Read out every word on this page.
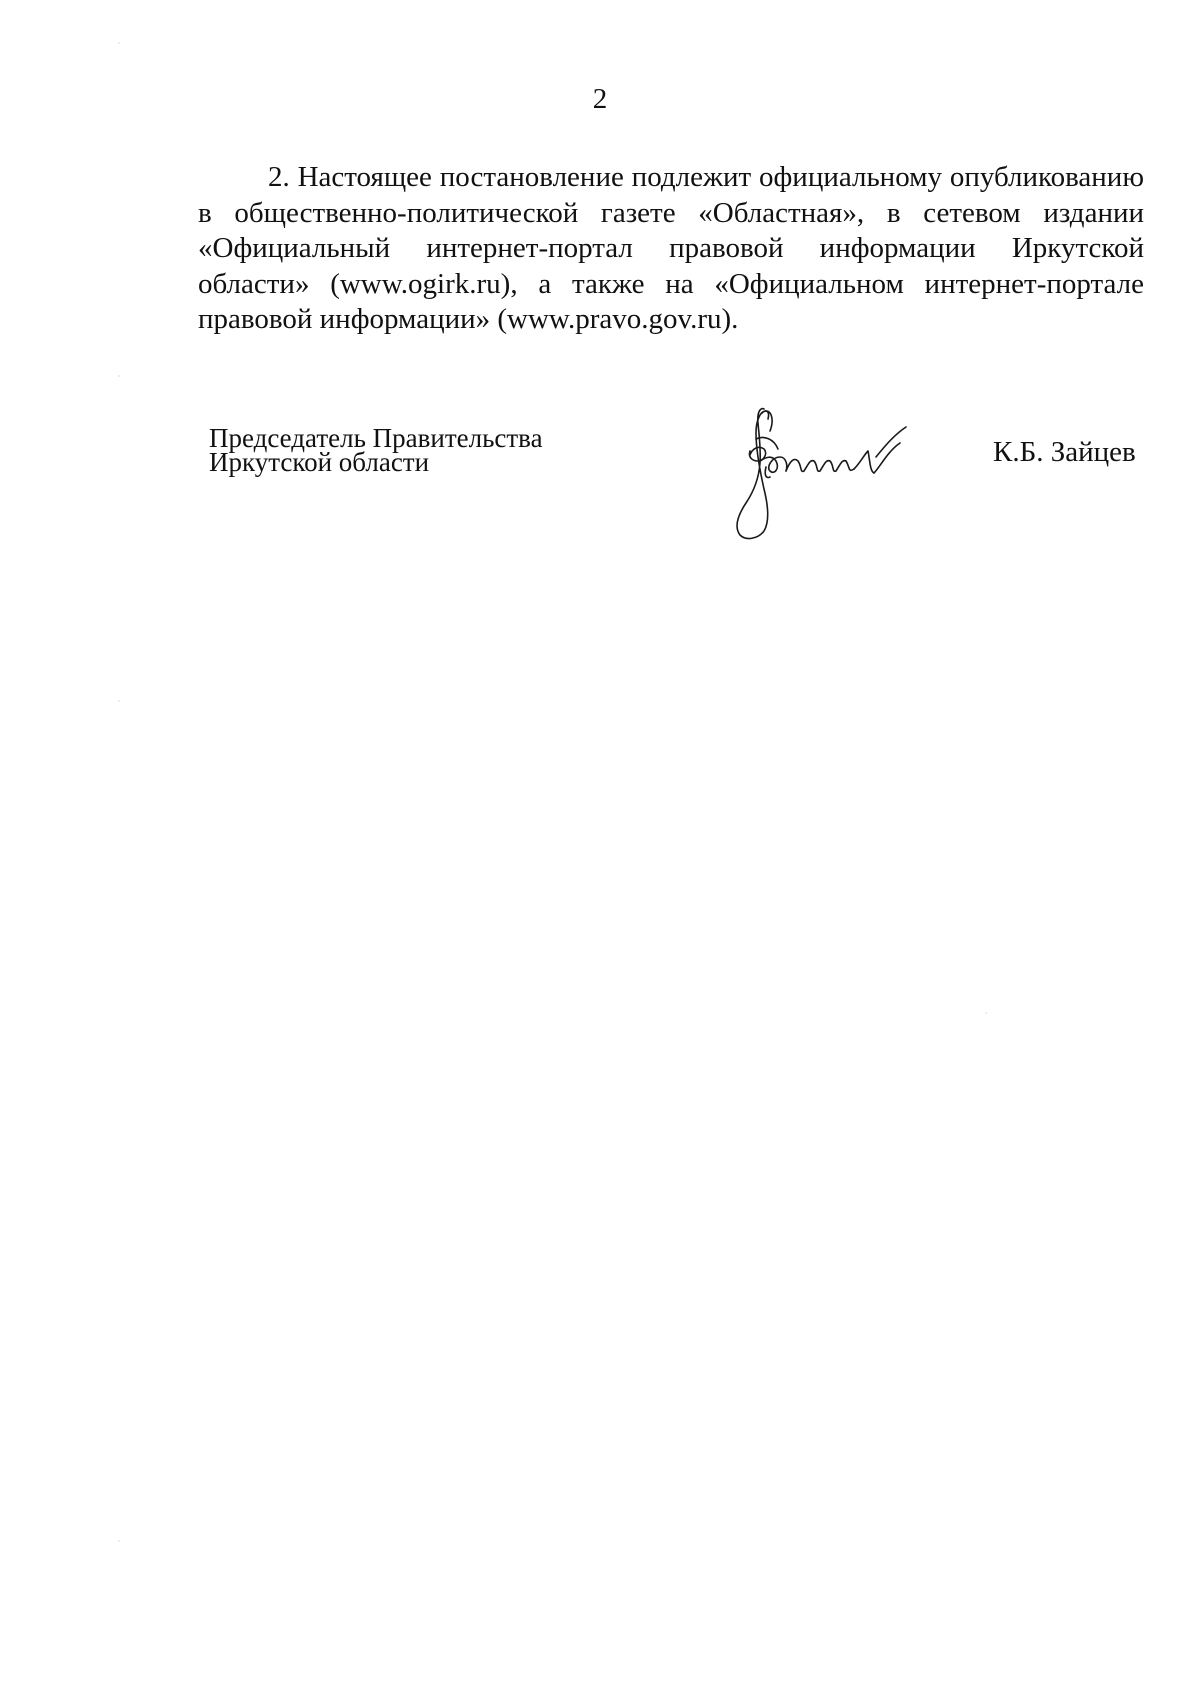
2

2. Настоящее постановление подлежит официальному опубликованию в общественно-политической газете «Областная», в сетевом издании «Официальный интернет-портал правовой информации Иркутской области» (www.ogirk.ru), а также на «Официальном интернет-портале правовой информации» (www.pravo.gov.ru).

Председатель Правительства
Иркутской области	К.Б. Зайцев
